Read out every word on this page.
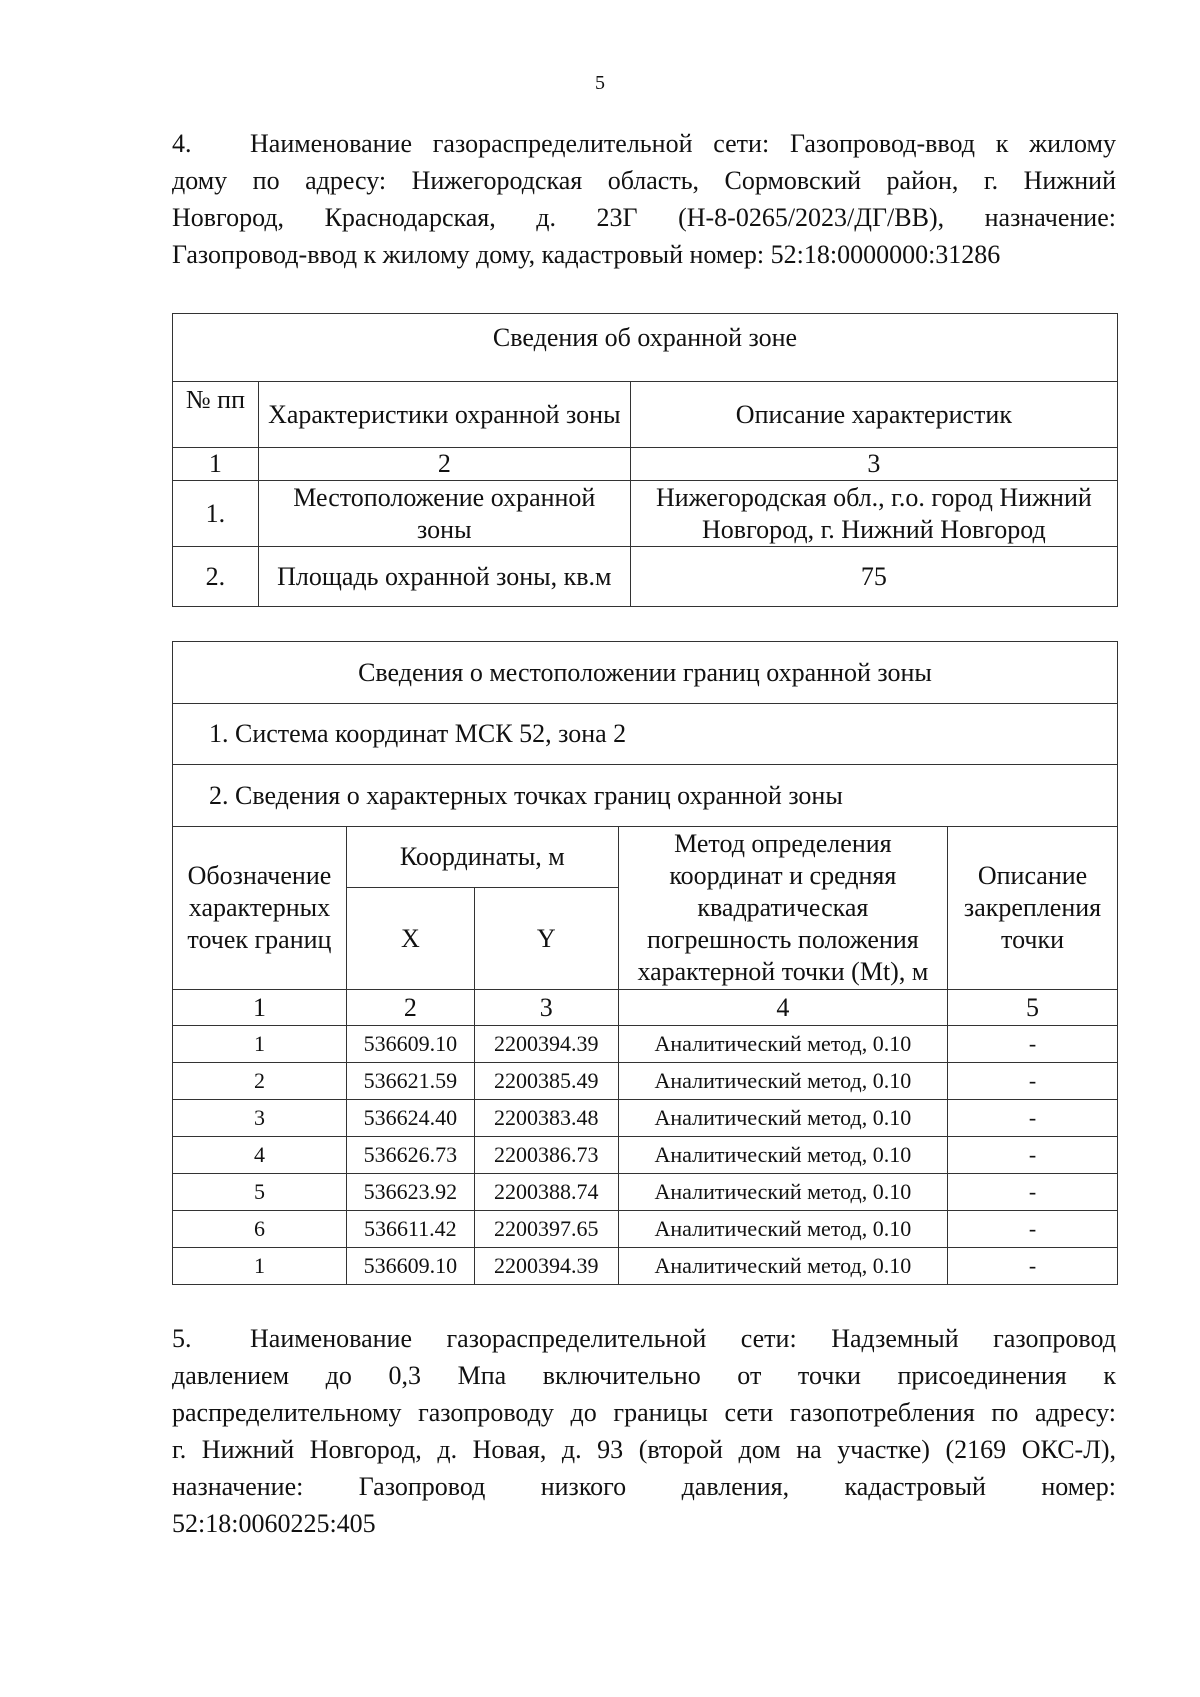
5
4. Наименование газораспределительной сети: Газопровод-ввод к жилому
дому по адресу: Нижегородская область, Сормовский район, г. Нижний
Новгород, Краснодарская, д. 23Г (Н-8-0265/2023/ДГ/ВВ), назначение:
Газопровод-ввод к жилому дому, кадастровый номер: 52:18:0000000:31286
Сведения об охранной зоне		
№ пп	Характеристики охранной зоны	Описание характеристик
1	2	3
1.	Местоположение охранной зоны	Нижегородская обл., г.о. город Нижний Новгород, г. Нижний Новгород
2.	Площадь охранной зоны, кв.м	75
Сведения о местоположении границ охранной зоны				
1. Система координат МСК 52, зона 2				
2. Сведения о характерных точках границ охранной зоны				
Обозначение характерных точек границ	Координаты, м		Метод определения координат и средняя квадратическая погрешность положения характерной точки (Mt), м	Описание закрепления точки
	X	Y		
1	2	3	4	5
1	536609.10	2200394.39	Аналитический метод, 0.10	-
2	536621.59	2200385.49	Аналитический метод, 0.10	-
3	536624.40	2200383.48	Аналитический метод, 0.10	-
4	536626.73	2200386.73	Аналитический метод, 0.10	-
5	536623.92	2200388.74	Аналитический метод, 0.10	-
6	536611.42	2200397.65	Аналитический метод, 0.10	-
1	536609.10	2200394.39	Аналитический метод, 0.10	-
5. Наименование газораспределительной сети: Надземный газопровод
давлением до 0,3 Мпа включительно от точки присоединения к
распределительному газопроводу до границы сети газопотребления по адресу:
г. Нижний Новгород, д. Новая, д. 93 (второй дом на участке) (2169 ОКС-Л),
назначение: Газопровод низкого давления, кадастровый номер:
52:18:0060225:405
